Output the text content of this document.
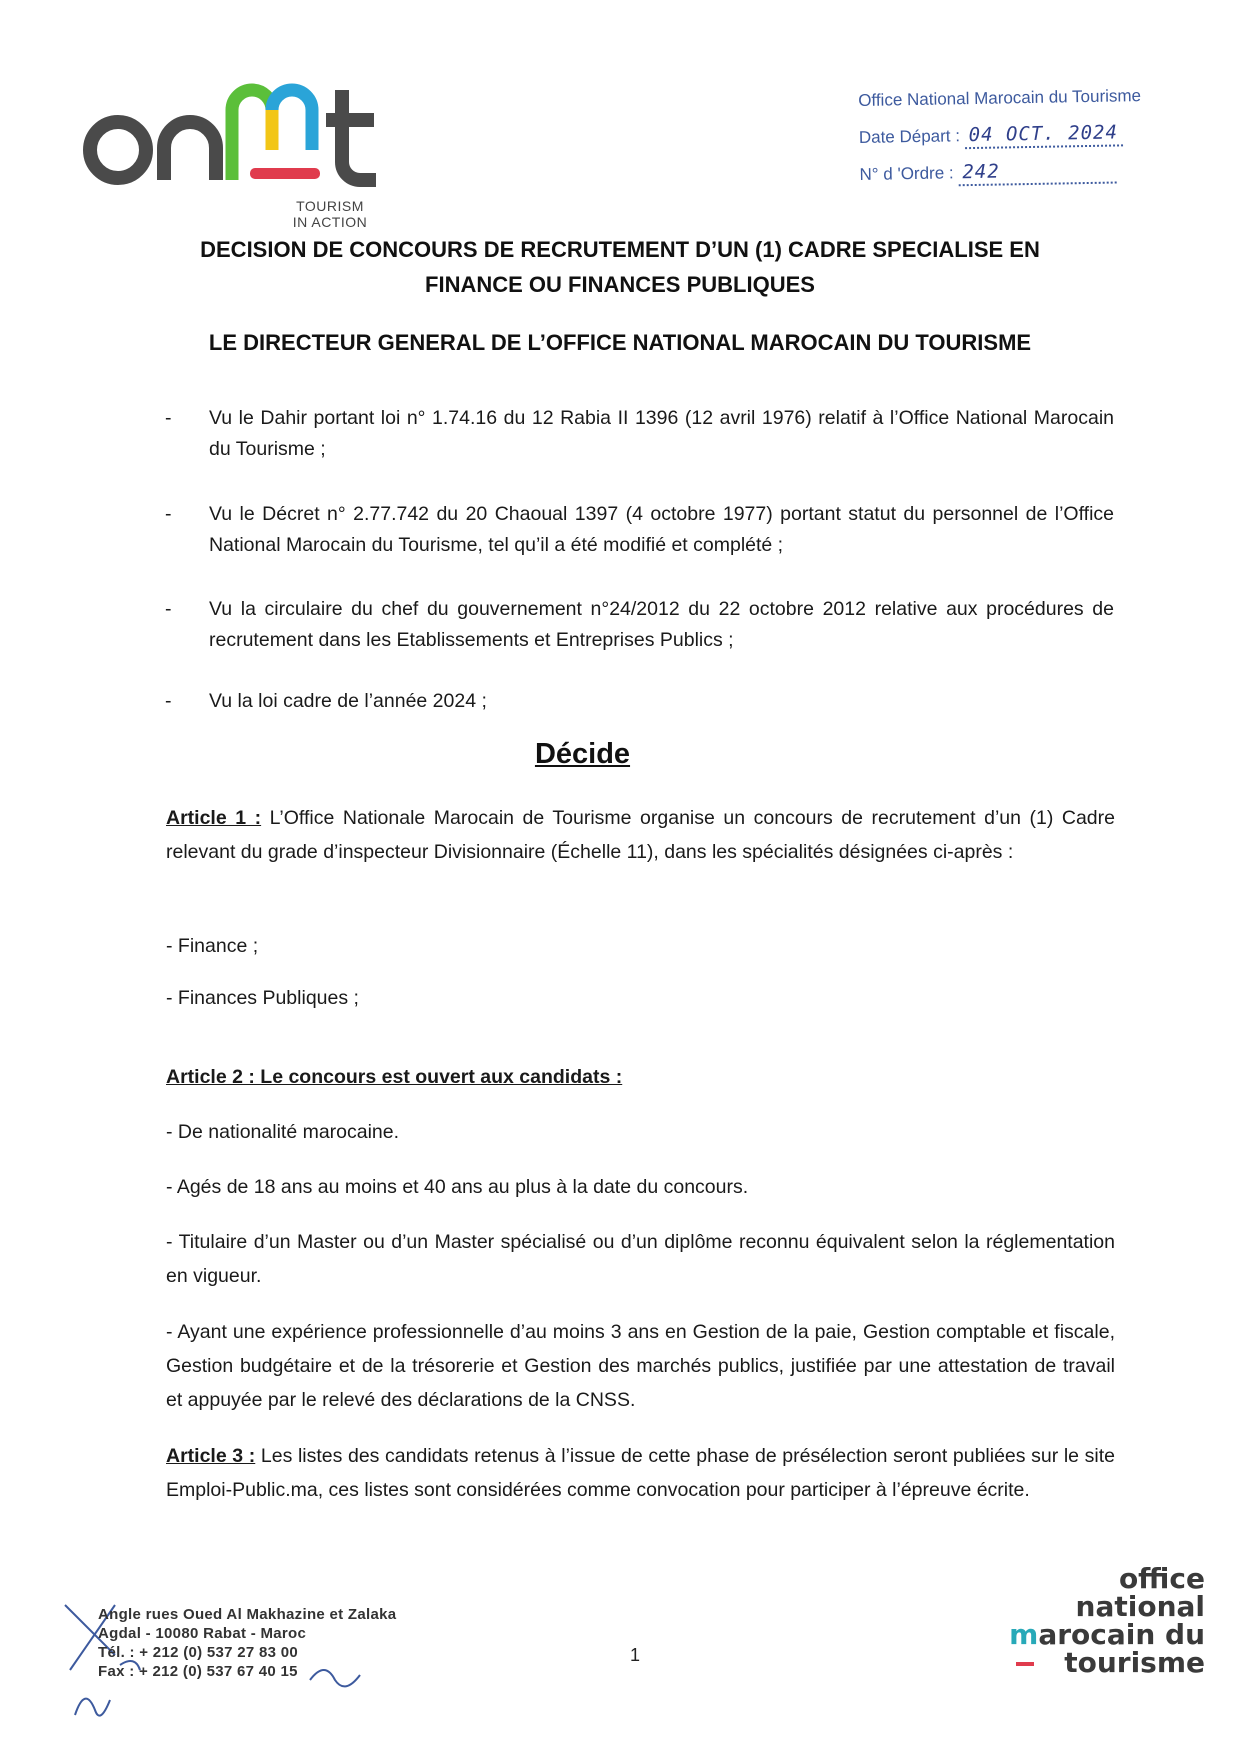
TOURISM
IN ACTION
Office National Marocain du Tourisme
Date Départ : 04 OCT. 2024
N° d 'Ordre : 242
DECISION DE CONCOURS DE RECRUTEMENT D’UN (1) CADRE SPECIALISE EN
FINANCE OU FINANCES PUBLIQUES
LE DIRECTEUR GENERAL DE L’OFFICE NATIONAL MAROCAIN DU TOURISME
- Vu le Dahir portant loi n° 1.74.16 du 12 Rabia II 1396 (12 avril 1976) relatif à l’Office National Marocain du Tourisme ;
- Vu le Décret n° 2.77.742 du 20 Chaoual 1397 (4 octobre 1977) portant statut du personnel de l’Office National Marocain du Tourisme, tel qu’il a été modifié et complété ;
- Vu la circulaire du chef du gouvernement n°24/2012 du 22 octobre 2012 relative aux procédures de recrutement dans les Etablissements et Entreprises Publics ;
- Vu la loi cadre de l’année 2024 ;
Décide
Article 1 : L’Office Nationale Marocain de Tourisme organise un concours de recrutement d’un (1) Cadre relevant du grade d’inspecteur Divisionnaire (Échelle 11), dans les spécialités désignées ci-après :
- Finance ;
- Finances Publiques ;
Article 2 : Le concours est ouvert aux candidats :
- De nationalité marocaine.
- Agés de 18 ans au moins et 40 ans au plus à la date du concours.
- Titulaire d’un Master ou d’un Master spécialisé ou d’un diplôme reconnu équivalent selon la réglementation en vigueur.
- Ayant une expérience professionnelle d’au moins 3 ans en Gestion de la paie, Gestion comptable et fiscale, Gestion budgétaire et de la trésorerie et Gestion des marchés publics, justifiée par une attestation de travail et appuyée par le relevé des déclarations de la CNSS.
Article 3 : Les listes des candidats retenus à l’issue de cette phase de présélection seront publiées sur le site Emploi-Public.ma, ces listes sont considérées comme convocation pour participer à l’épreuve écrite.
Angle rues Oued Al Makhazine et Zalaka
Agdal - 10080 Rabat - Maroc
Tél. : + 212 (0) 537 27 83 00
Fax : + 212 (0) 537 67 40 15
1
office
national
marocain du
tourisme
